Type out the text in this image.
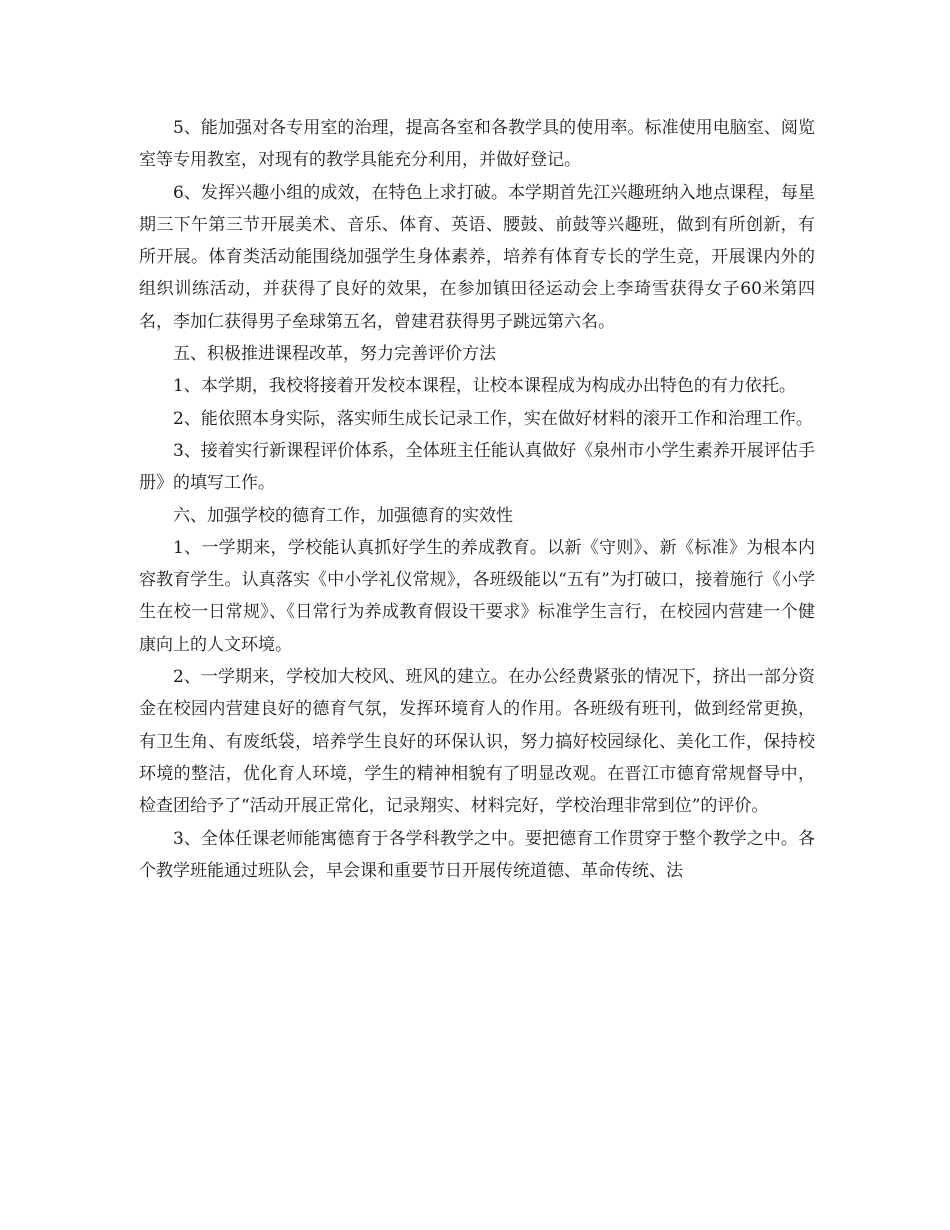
5、能加强对各专用室的治理，提高各室和各教学具的使用率。标准使用电脑室、阅览室等专用教室，对现有的教学具能充分利用，并做好登记。

6、发挥兴趣小组的成效，在特色上求打破。本学期首先江兴趣班纳入地点课程，每星期三下午第三节开展美术、音乐、体育、英语、腰鼓、前鼓等兴趣班，做到有所创新，有所开展。体育类活动能围绕加强学生身体素养，培养有体育专长的学生竞，开展课内外的组织训练活动，并获得了良好的效果，在参加镇田径运动会上李琦雪获得女子60米第四名，李加仁获得男子垒球第五名，曾建君获得男子跳远第六名。

五、积极推进课程改革，努力完善评价方法

1、本学期，我校将接着开发校本课程，让校本课程成为构成办出特色的有力依托。

2、能依照本身实际，落实师生成长记录工作，实在做好材料的滚开工作和治理工作。

3、接着实行新课程评价体系，全体班主任能认真做好《泉州市小学生素养开展评估手册》的填写工作。

六、加强学校的德育工作，加强德育的实效性

1、一学期来，学校能认真抓好学生的养成教育。以新《守则》、新《标准》为根本内容教育学生。认真落实《中小学礼仪常规》，各班级能以“五有”为打破口，接着施行《小学生在校一日常规》、《日常行为养成教育假设干要求》标准学生言行，在校园内营建一个健康向上的人文环境。

2、一学期来，学校加大校风、班风的建立。在办公经费紧张的情况下，挤出一部分资金在校园内营建良好的德育气氛，发挥环境育人的作用。各班级有班刊，做到经常更换，有卫生角、有废纸袋，培养学生良好的环保认识，努力搞好校园绿化、美化工作，保持校环境的整洁，优化育人环境，学生的精神相貌有了明显改观。在晋江市德育常规督导中，检查团给予了“活动开展正常化，记录翔实、材料完好，学校治理非常到位”的评价。

3、全体任课老师能寓德育于各学科教学之中。要把德育工作贯穿于整个教学之中。各个教学班能通过班队会，早会课和重要节日开展传统道德、革命传统、法
